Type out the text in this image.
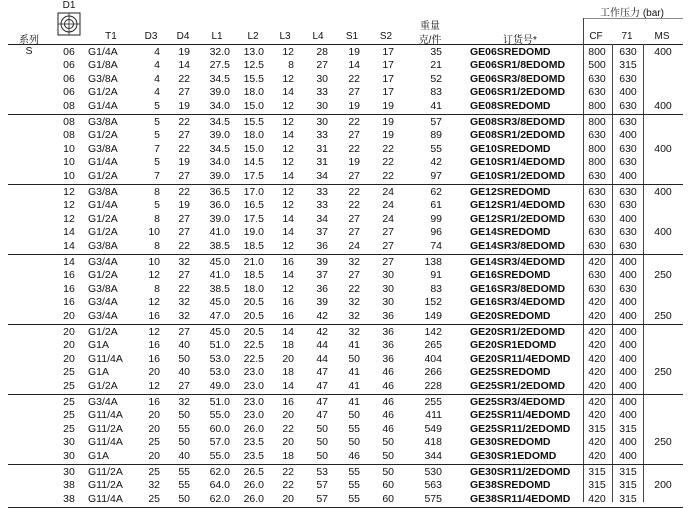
系列
D1
T1	D3	D4	L1	L2	L3	L4	S1	S2
重量
克/件	订货号*
工作压力 (bar)
CF	71	MS
S	06	G1/4A	4	19	32.0	13.0	12	28	19	17	35	GE06SREDOMD	800	630	400
06	G1/8A	4	14	27.5	12.5	8	27	14	17	21	GE06SR1/8EDOMD	500	315
06	G3/8A	4	22	34.5	15.5	12	30	22	17	52	GE06SR3/8EDOMD	630	630
06	G1/2A	4	27	39.0	18.0	14	33	27	17	83	GE06SR1/2EDOMD	630	400
08	G1/4A	5	19	34.0	15.0	12	30	19	19	41	GE08SREDOMD	800	630	400
08	G3/8A	5	22	34.5	15.5	12	30	22	19	57	GE08SR3/8EDOMD	800	630
08	G1/2A	5	27	39.0	18.0	14	33	27	19	89	GE08SR1/2EDOMD	630	400
10	G3/8A	7	22	34.5	15.0	12	31	22	22	55	GE10SREDOMD	800	630	400
10	G1/4A	5	19	34.0	14.5	12	31	19	22	42	GE10SR1/4EDOMD	800	630
10	G1/2A	7	27	39.0	17.5	14	34	27	22	97	GE10SR1/2EDOMD	630	400
12	G3/8A	8	22	36.5	17.0	12	33	22	24	62	GE12SREDOMD	630	630	400
12	G1/4A	5	19	36.0	16.5	12	33	22	24	61	GE12SR1/4EDOMD	630	630
12	G1/2A	8	27	39.0	17.5	14	34	27	24	99	GE12SR1/2EDOMD	630	400
14	G1/2A	10	27	41.0	19.0	14	37	27	27	96	GE14SREDOMD	630	630	400
14	G3/8A	8	22	38.5	18.5	12	36	24	27	74	GE14SR3/8EDOMD	630	630
14	G3/4A	10	32	45.0	21.0	16	39	32	27	138	GE14SR3/4EDOMD	420	400
16	G1/2A	12	27	41.0	18.5	14	37	27	30	91	GE16SREDOMD	630	400	250
16	G3/8A	8	22	38.5	18.0	12	36	22	30	83	GE16SR3/8EDOMD	630	630
16	G3/4A	12	32	45.0	20.5	16	39	32	30	152	GE16SR3/4EDOMD	420	400
20	G3/4A	16	32	47.0	20.5	16	42	32	36	149	GE20SREDOMD	420	400	250
20	G1/2A	12	27	45.0	20.5	14	42	32	36	142	GE20SR1/2EDOMD	420	400
20	G1A	16	40	51.0	22.5	18	44	41	36	265	GE20SR1EDOMD	420	400
20	G11/4A	16	50	53.0	22.5	20	44	50	36	404	GE20SR11/4EDOMD	420	400
25	G1A	20	40	53.0	23.0	18	47	41	46	266	GE25SREDOMD	420	400	250
25	G1/2A	12	27	49.0	23.0	14	47	41	46	228	GE25SR1/2EDOMD	420	400
25	G3/4A	16	32	51.0	23.0	16	47	41	46	255	GE25SR3/4EDOMD	420	400
25	G11/4A	20	50	55.0	23.0	20	47	50	46	411	GE25SR11/4EDOMD	420	400
25	G11/2A	20	55	60.0	26.0	22	50	55	46	549	GE25SR11/2EDOMD	315	315
30	G11/4A	25	50	57.0	23.5	20	50	50	50	418	GE30SREDOMD	420	400	250
30	G1A	20	40	55.0	23.5	18	50	46	50	344	GE30SR1EDOMD	420	400
30	G11/2A	25	55	62.0	26.5	22	53	55	50	530	GE30SR11/2EDOMD	315	315
38	G11/2A	32	55	64.0	26.0	22	57	55	60	563	GE38SREDOMD	315	315	200
38	G11/4A	25	50	62.0	26.0	20	57	55	60	575	GE38SR11/4EDOMD	420	315
